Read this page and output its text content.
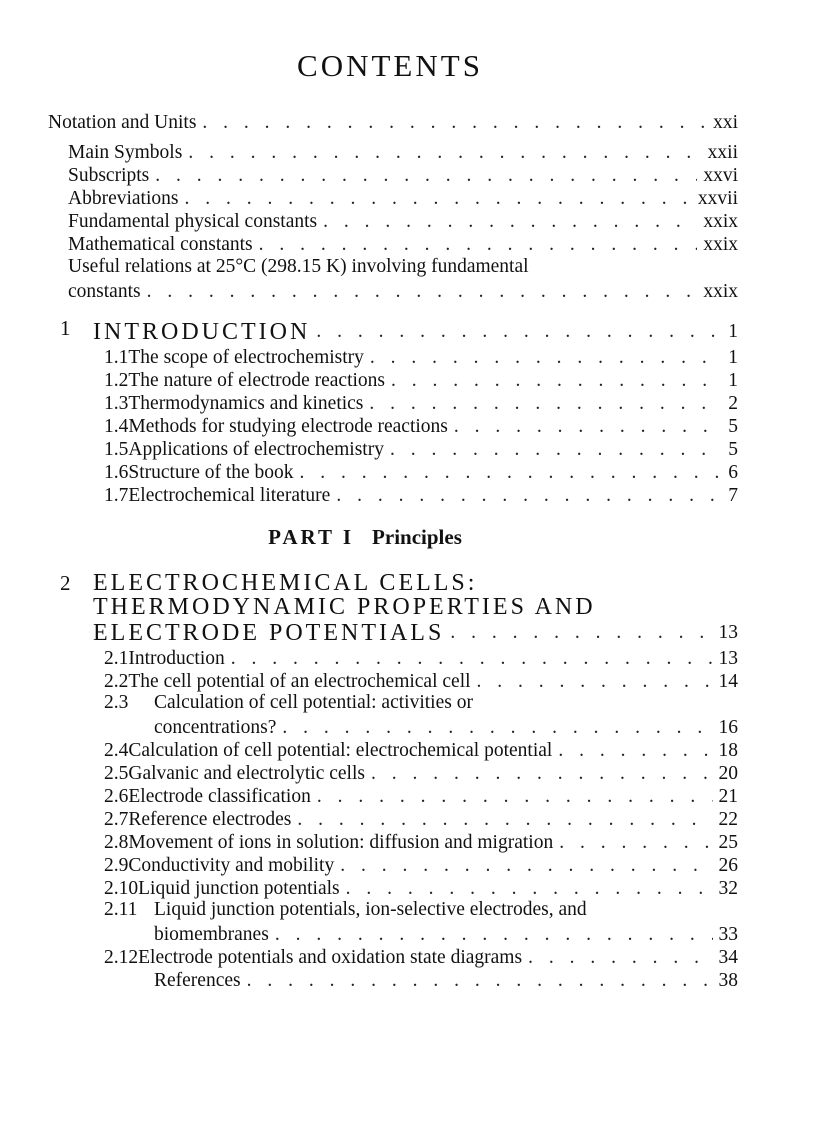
CONTENTS
Notation and Units . . .	xxi
Main Symbols . . .	xxii
Subscripts . . .	xxvi
Abbreviations . . .	xxvii
Fundamental physical constants . . .	xxix
Mathematical constants . . .	xxix
Useful relations at 25°C (298.15 K) involving fundamental
constants . . .	xxix
1 INTRODUCTION . . .	1
1.1 The scope of electrochemistry . . .	1
1.2 The nature of electrode reactions . . .	1
1.3 Thermodynamics and kinetics . . .	2
1.4 Methods for studying electrode reactions . . .	5
1.5 Applications of electrochemistry . . .	5
1.6 Structure of the book . . .	6
1.7 Electrochemical literature . . .	7
PART I Principles
2 ELECTROCHEMICAL CELLS:
THERMODYNAMIC PROPERTIES AND
ELECTRODE POTENTIALS . . .	13
2.1 Introduction . . .	13
2.2 The cell potential of an electrochemical cell . . .	14
2.3 Calculation of cell potential: activities or
concentrations? . . .	16
2.4 Calculation of cell potential: electrochemical potential . . .	18
2.5 Galvanic and electrolytic cells . . .	20
2.6 Electrode classification . . .	21
2.7 Reference electrodes . . .	22
2.8 Movement of ions in solution: diffusion and migration . . .	25
2.9 Conductivity and mobility . . .	26
2.10 Liquid junction potentials . . .	32
2.11 Liquid junction potentials, ion-selective electrodes, and
biomembranes . . .	33
2.12 Electrode potentials and oxidation state diagrams . . .	34
References . . .	38
